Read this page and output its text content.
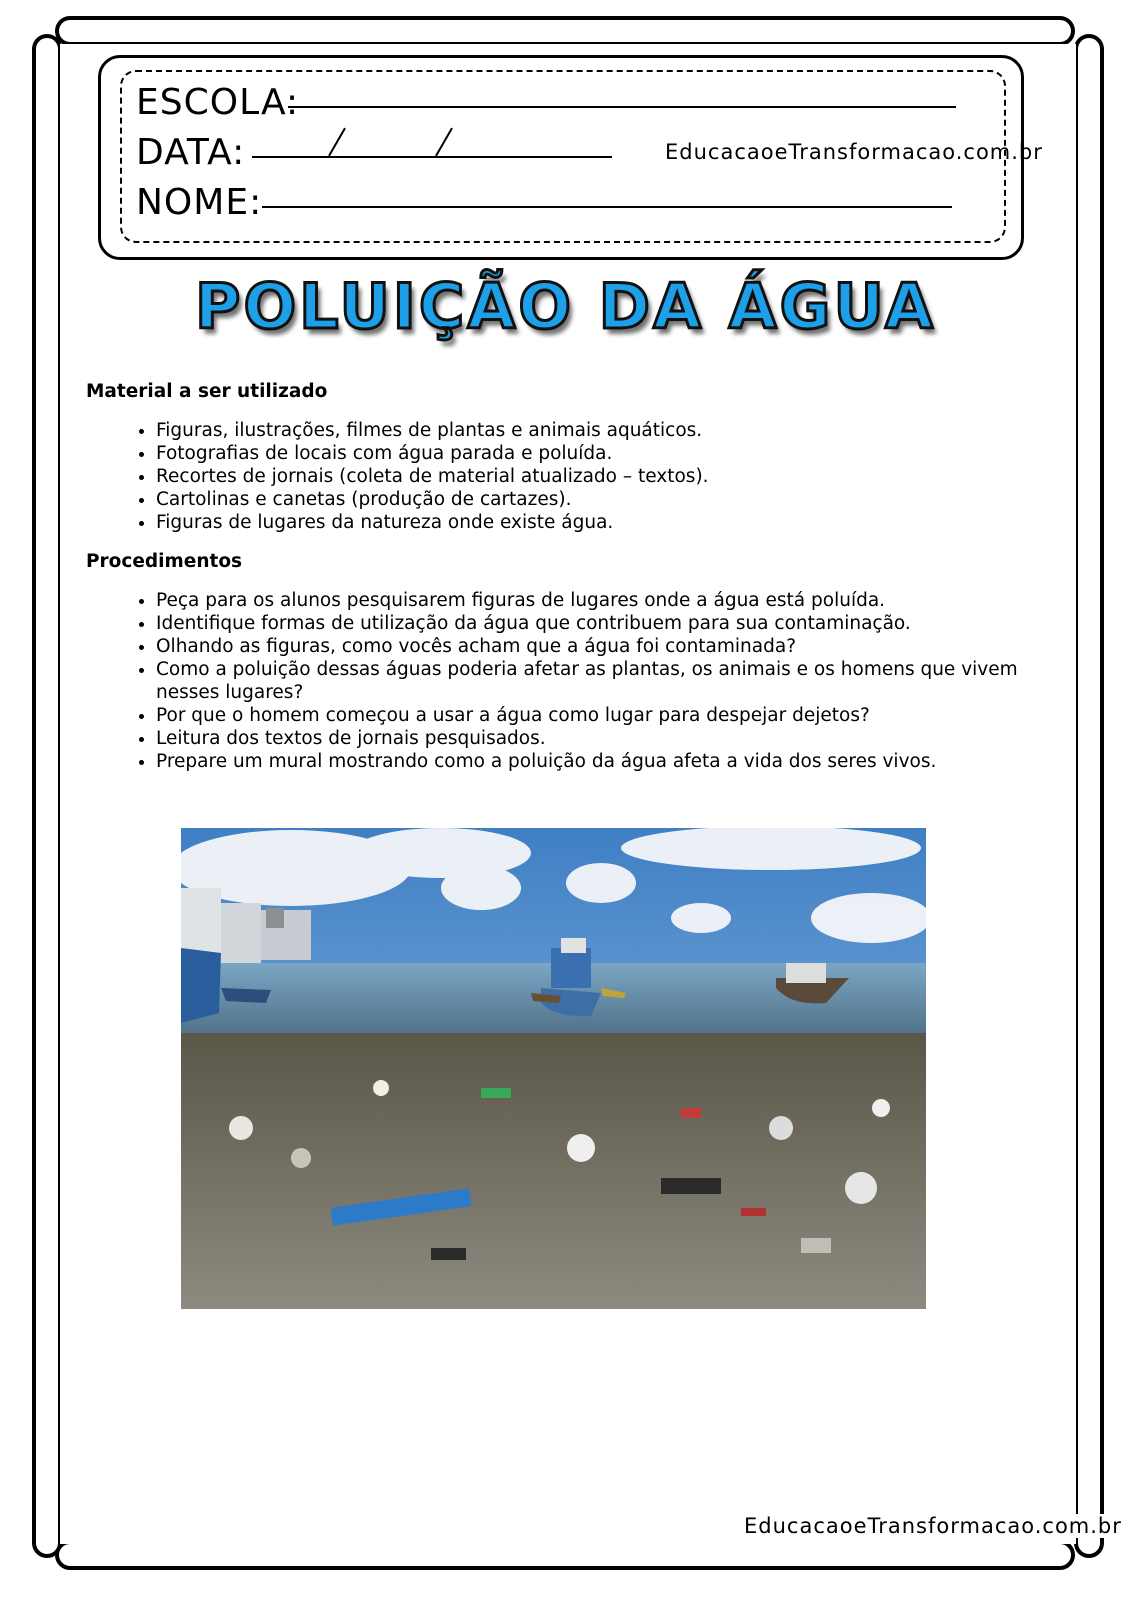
ESCOLA:
DATA:	EducacaoeTransformacao.com.br
NOME:
POLUIÇÃO DA ÁGUA
Material a ser utilizado
• Figuras, ilustrações, filmes de plantas e animais aquáticos.
• Fotografias de locais com água parada e poluída.
• Recortes de jornais (coleta de material atualizado – textos).
• Cartolinas e canetas (produção de cartazes).
• Figuras de lugares da natureza onde existe água.
Procedimentos
• Peça para os alunos pesquisarem figuras de lugares onde a água está poluída.
• Identifique formas de utilização da água que contribuem para sua contaminação.
• Olhando as figuras, como vocês acham que a água foi contaminada?
• Como a poluição dessas águas poderia afetar as plantas, os animais e os homens que vivem nesses lugares?
• Por que o homem começou a usar a água como lugar para despejar dejetos?
• Leitura dos textos de jornais pesquisados.
• Prepare um mural mostrando como a poluição da água afeta a vida dos seres vivos.
EducacaoeTransformacao.com.br
